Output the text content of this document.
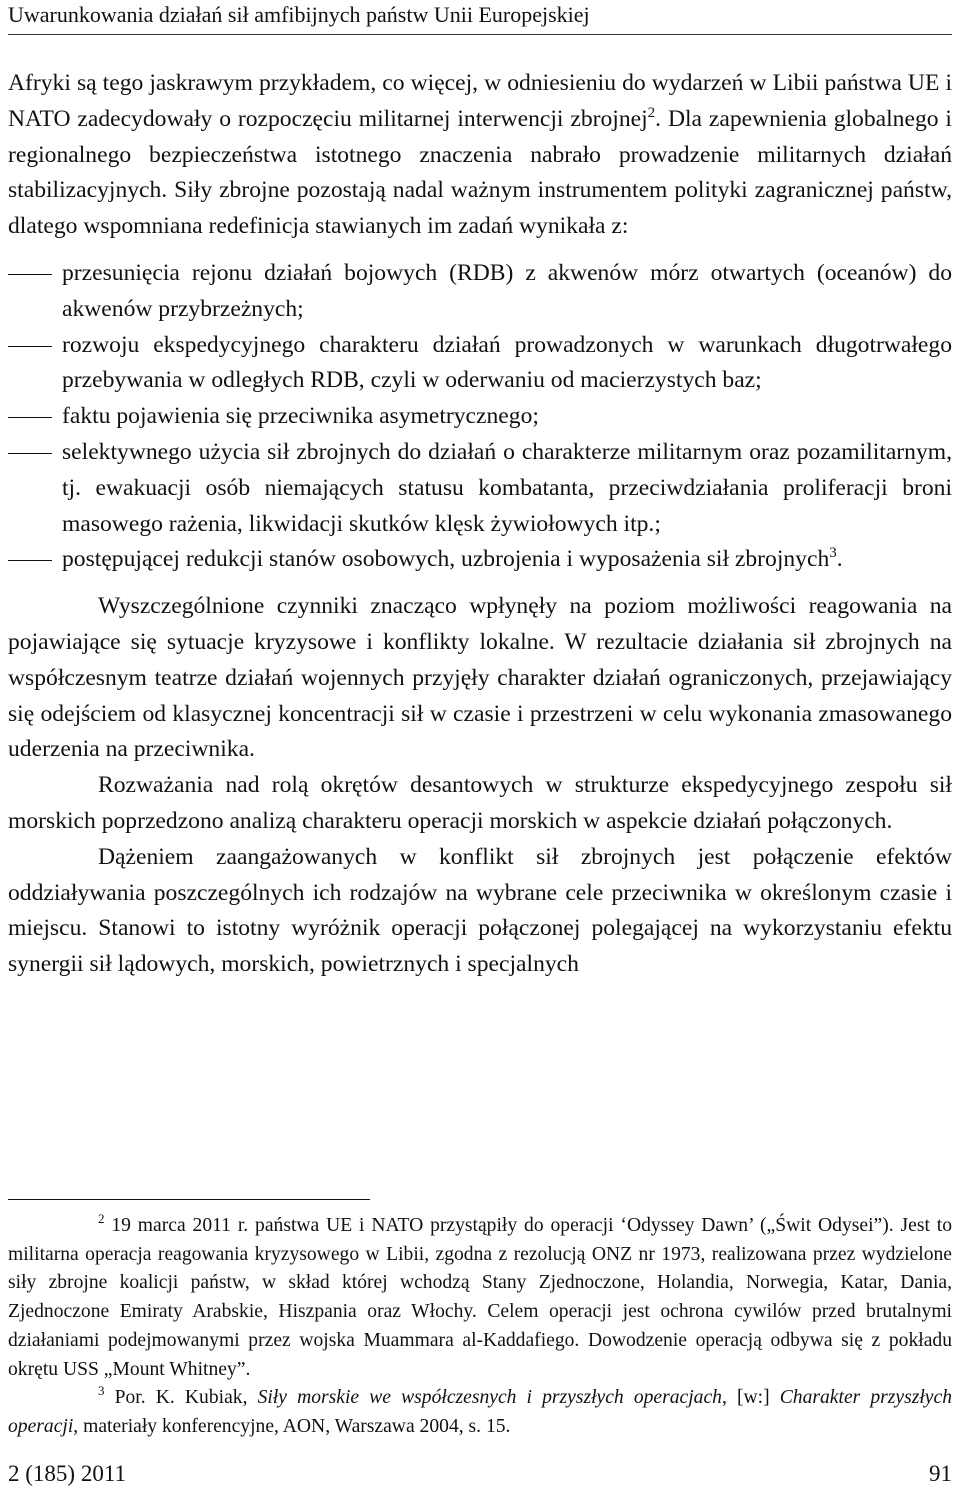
Uwarunkowania działań sił amfibijnych państw Unii Europejskiej

Afryki są tego jaskrawym przykładem, co więcej, w odniesieniu do wydarzeń w Libii państwa UE i NATO zadecydowały o rozpoczęciu militarnej interwencji zbrojnej$^2$. Dla zapewnienia globalnego i regionalnego bezpieczeństwa istotnego znaczenia nabrało prowadzenie militarnych działań stabilizacyjnych. Siły zbrojne pozostają nadal ważnym instrumentem polityki zagranicznej państw, dlatego wspomniana redefinicja stawianych im zadań wynikała z:

przesunięcia rejonu działań bojowych (RDB) z akwenów mórz otwartych (oceanów) do akwenów przybrzeżnych;
rozwoju ekspedycyjnego charakteru działań prowadzonych w warunkach długotrwałego przebywania w odległych RDB, czyli w oderwaniu od macierzystych baz;
faktu pojawienia się przeciwnika asymetrycznego;
selektywnego użycia sił zbrojnych do działań o charakterze militarnym oraz pozamilitarnym, tj. ewakuacji osób niemających statusu kombatanta, przeciwdziałania proliferacji broni masowego rażenia, likwidacji skutków klęsk żywiołowych itp.;
postępującej redukcji stanów osobowych, uzbrojenia i wyposażenia sił zbrojnych$^3$.

Wyszczególnione czynniki znacząco wpłynęły na poziom możliwości reagowania na pojawiające się sytuacje kryzysowe i konflikty lokalne. W rezultacie działania sił zbrojnych na współczesnym teatrze działań wojennych przyjęły charakter działań ograniczonych, przejawiający się odejściem od klasycznej koncentracji sił w czasie i przestrzeni w celu wykonania zmasowanego uderzenia na przeciwnika.

Rozważania nad rolą okrętów desantowych w strukturze ekspedycyjnego zespołu sił morskich poprzedzono analizą charakteru operacji morskich w aspekcie działań połączonych.

Dążeniem zaangażowanych w konflikt sił zbrojnych jest połączenie efektów oddziaływania poszczególnych ich rodzajów na wybrane cele przeciwnika w określonym czasie i miejscu. Stanowi to istotny wyróżnik operacji połączonej polegającej na wykorzystaniu efektu synergii sił lądowych, morskich, powietrznych i specjalnych

$^2$ 19 marca 2011 r. państwa UE i NATO przystąpiły do operacji ‘Odyssey Dawn’ („Świt Odysei”). Jest to militarna operacja reagowania kryzysowego w Libii, zgodna z rezolucją ONZ nr 1973, realizowana przez wydzielone siły zbrojne koalicji państw, w skład której wchodzą Stany Zjednoczone, Holandia, Norwegia, Katar, Dania, Zjednoczone Emiraty Arabskie, Hiszpania oraz Włochy. Celem operacji jest ochrona cywilów przed brutalnymi działaniami podejmowanymi przez wojska Muammara al-Kaddafiego. Dowodzenie operacją odbywa się z pokładu okrętu USS „Mount Whitney”.

$^3$ Por. K. Kubiak, Siły morskie we współczesnych i przyszłych operacjach, [w:] Charakter przyszłych operacji, materiały konferencyjne, AON, Warszawa 2004, s. 15.

2 (185) 2011	91
